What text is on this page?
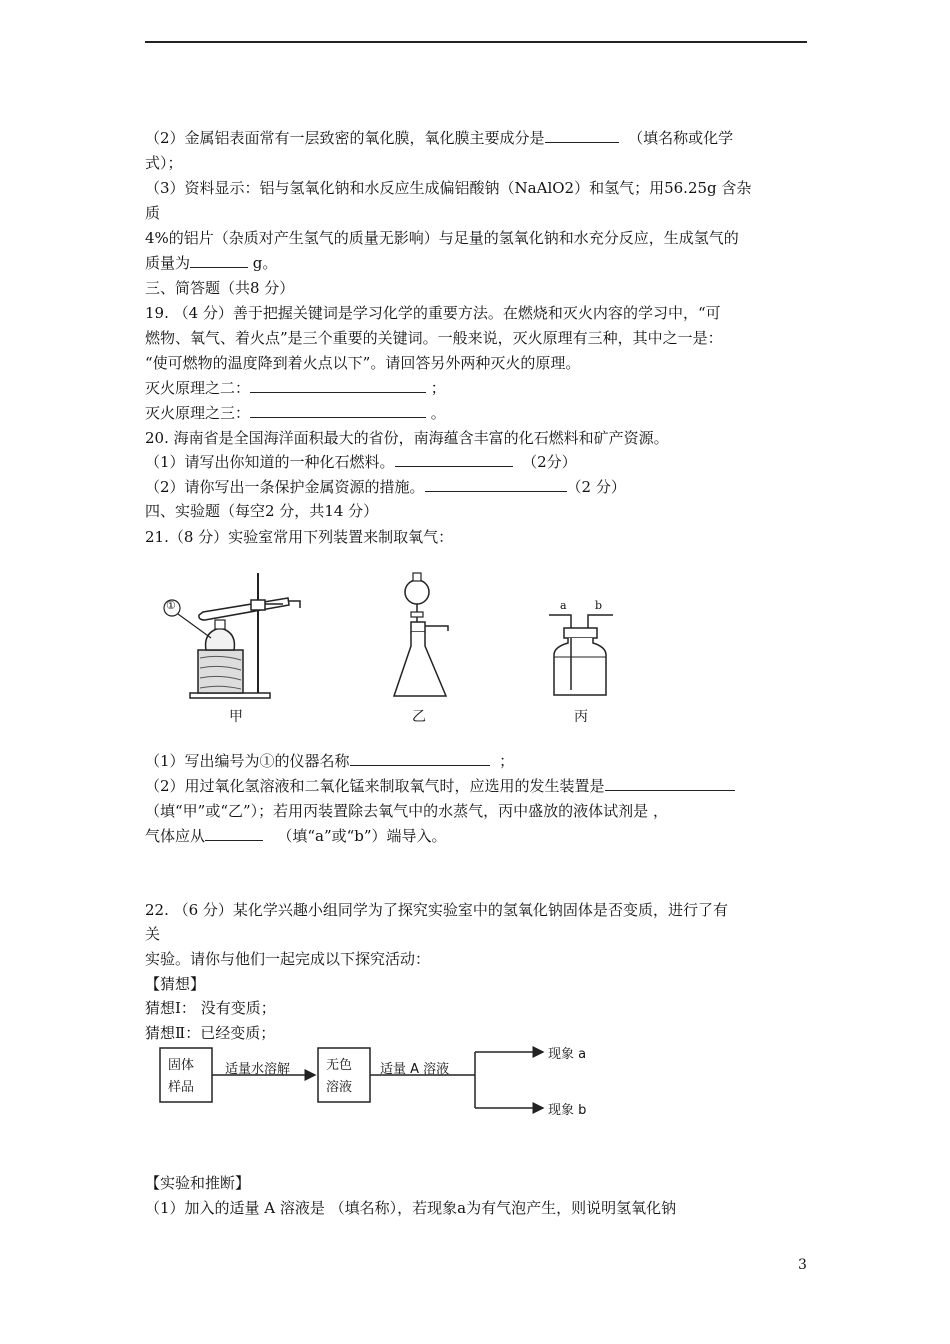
（2）金属铝表面常有一层致密的氧化膜，氧化膜主要成分是	（填名称或化学
式）；
（3）资料显示：铝与氢氧化钠和水反应生成偏铝酸钠（NaAlO2）和氢气；用56.25g 含杂
质
4%的铝片（杂质对产生氢气的质量无影响）与足量的氢氧化钠和水充分反应，生成氢气的
质量为	g。
三、简答题（共8 分）
19. （4 分）善于把握关键词是学习化学的重要方法。在燃烧和灭火内容的学习中，“可
燃物、氧气、着火点”是三个重要的关键词。一般来说，灭火原理有三种，其中之一是：
“使可燃物的温度降到着火点以下”。请回答另外两种灭火的原理。
灭火原理之二：	；
灭火原理之三：	。
20. 海南省是全国海洋面积最大的省份，南海蕴含丰富的化石燃料和矿产资源。
（1）请写出你知道的一种化石燃料。	（2分）
（2）请你写出一条保护金属资源的措施。	（2 分）
四、实验题（每空2 分，共14 分）
21.（8 分）实验室常用下列装置来制取氧气：
①
甲	乙
a	b
丙
（1）写出编号为①的仪器名称	；
（2）用过氧化氢溶液和二氧化锰来制取氧气时，应选用的发生装置是
（填“甲”或“乙”）；若用丙装置除去氧气中的水蒸气，丙中盛放的液体试剂是 ，
气体应从	（填“a”或“b”）端导入。
22. （6 分）某化学兴趣小组同学为了探究实验室中的氢氧化钠固体是否变质，进行了有
关
实验。请你与他们一起完成以下探究活动：
【猜想】
猜想I： 没有变质；
猜想Ⅱ：已经变质；
固体
样品
适量水溶解	无色
溶液
适量 A 溶液
现象 a
现象 b
【实验和推断】
（1）加入的适量 A 溶液是 （填名称），若现象a为有气泡产生，则说明氢氧化钠
3
